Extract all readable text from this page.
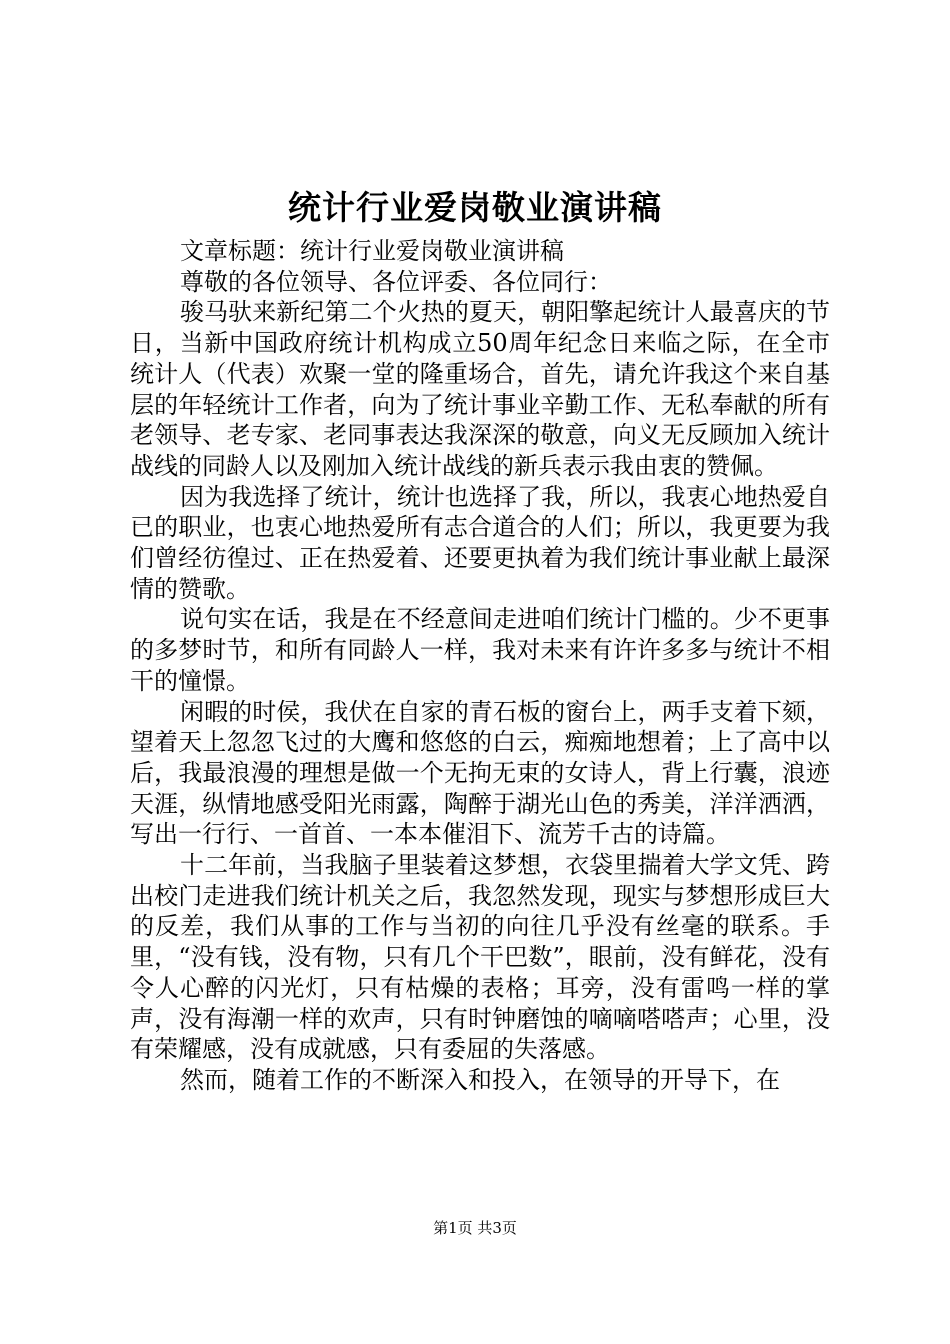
统计行业爱岗敬业演讲稿

文章标题：统计行业爱岗敬业演讲稿

尊敬的各位领导、各位评委、各位同行：

骏马驮来新纪第二个火热的夏天，朝阳擎起统计人最喜庆的节日，当新中国政府统计机构成立50周年纪念日来临之际，在全市统计人（代表）欢聚一堂的隆重场合，首先，请允许我这个来自基层的年轻统计工作者，向为了统计事业辛勤工作、无私奉献的所有老领导、老专家、老同事表达我深深的敬意，向义无反顾加入统计战线的同龄人以及刚加入统计战线的新兵表示我由衷的赞佩。

因为我选择了统计，统计也选择了我，所以，我衷心地热爱自已的职业，也衷心地热爱所有志合道合的人们；所以，我更要为我们曾经彷徨过、正在热爱着、还要更执着为我们统计事业献上最深情的赞歌。

说句实在话，我是在不经意间走进咱们统计门槛的。少不更事的多梦时节，和所有同龄人一样，我对未来有许许多多与统计不相干的憧憬。

闲暇的时侯，我伏在自家的青石板的窗台上，两手支着下颏，望着天上忽忽飞过的大鹰和悠悠的白云，痴痴地想着；上了高中以后，我最浪漫的理想是做一个无拘无束的女诗人，背上行囊，浪迹天涯，纵情地感受阳光雨露，陶醉于湖光山色的秀美，洋洋洒洒，写出一行行、一首首、一本本催泪下、流芳千古的诗篇。

十二年前，当我脑子里装着这梦想，衣袋里揣着大学文凭、跨出校门走进我们统计机关之后，我忽然发现，现实与梦想形成巨大的反差，我们从事的工作与当初的向往几乎没有丝毫的联系。手里，“没有钱，没有物，只有几个干巴数”，眼前，没有鲜花，没有令人心醉的闪光灯，只有枯燥的表格；耳旁，没有雷鸣一样的掌声，没有海潮一样的欢声，只有时钟磨蚀的嘀嘀嗒嗒声；心里，没有荣耀感，没有成就感，只有委屈的失落感。

然而，随着工作的不断深入和投入，在领导的开导下，在

第1页 共3页
